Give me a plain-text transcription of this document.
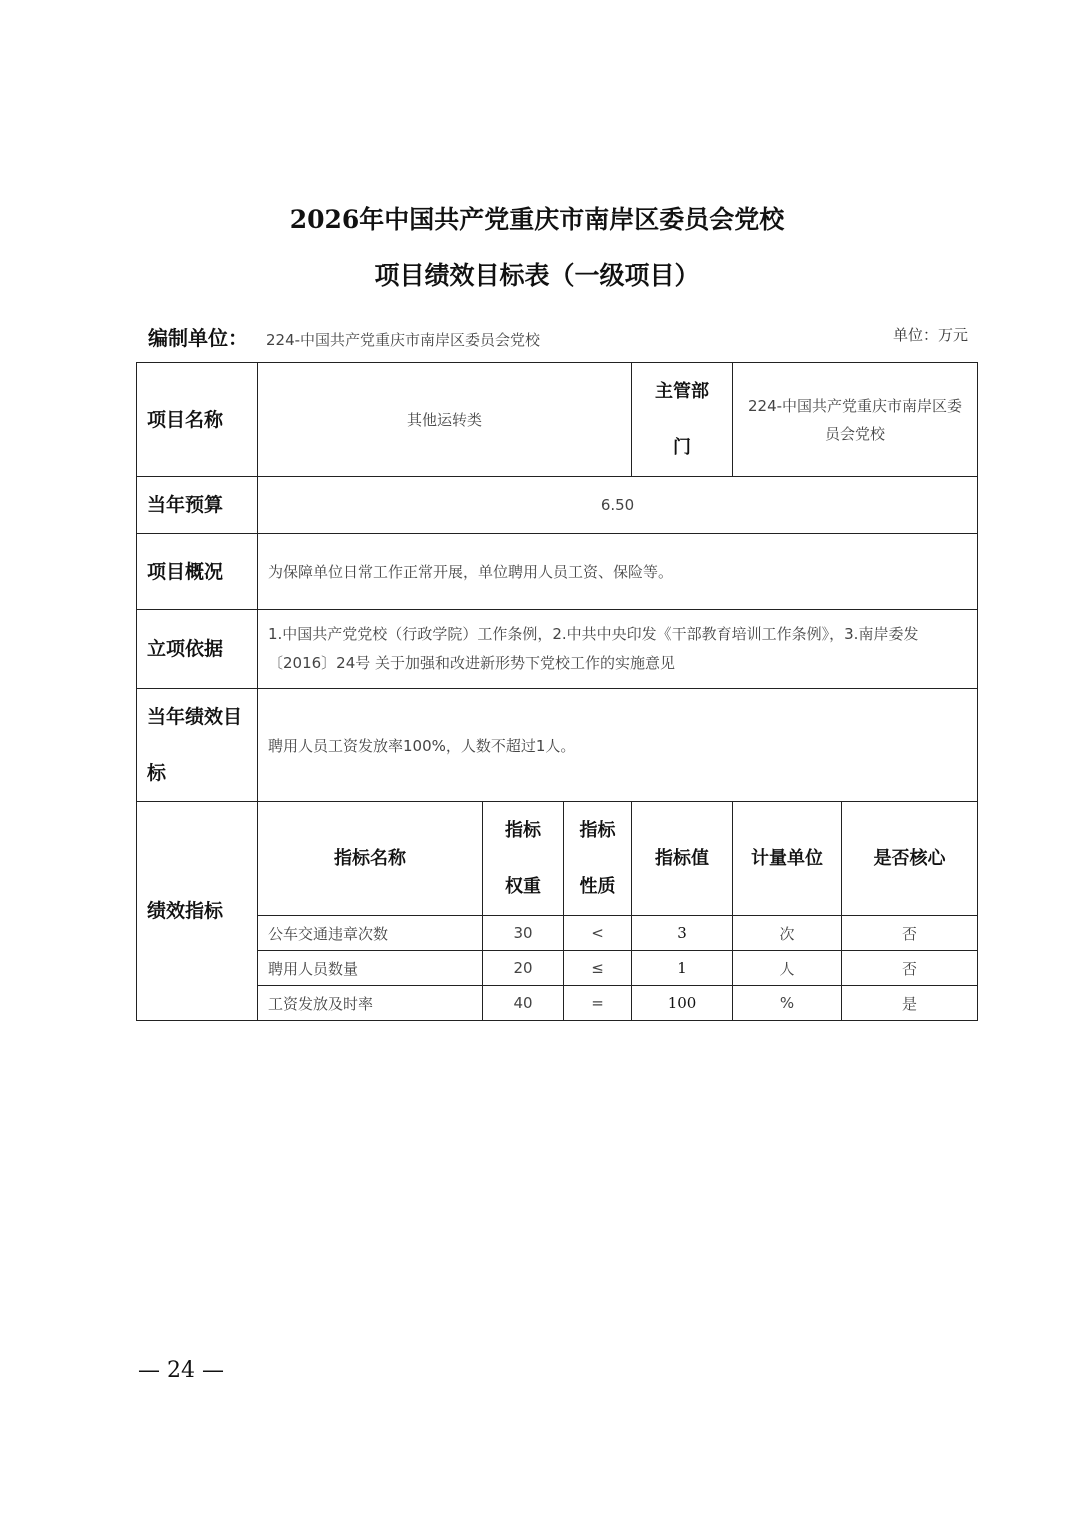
2026年中国共产党重庆市南岸区委员会党校
项目绩效目标表（一级项目）
编制单位： 224-中国共产党重庆市南岸区委员会党校	单位：万元
项目名称	其他运转类			主管部门	224-中国共产党重庆市南岸区委员会党校	
当年预算	6.50					
项目概况	为保障单位日常工作正常开展，单位聘用人员工资、保险等。					
立项依据	1.中国共产党党校（行政学院）工作条例，2.中共中央印发《干部教育培训工作条例》，3.南岸委发〔2016〕24号 关于加强和改进新形势下党校工作的实施意见					
当年绩效目标	聘用人员工资发放率100%，人数不超过1人。					
绩效指标	指标名称	指标权重	指标性质	指标值	计量单位	是否核心
	公车交通违章次数	30	<	3	次	否
	聘用人员数量	20	≤	1	人	否
	工资发放及时率	40	=	100	%	是
— 24 —
